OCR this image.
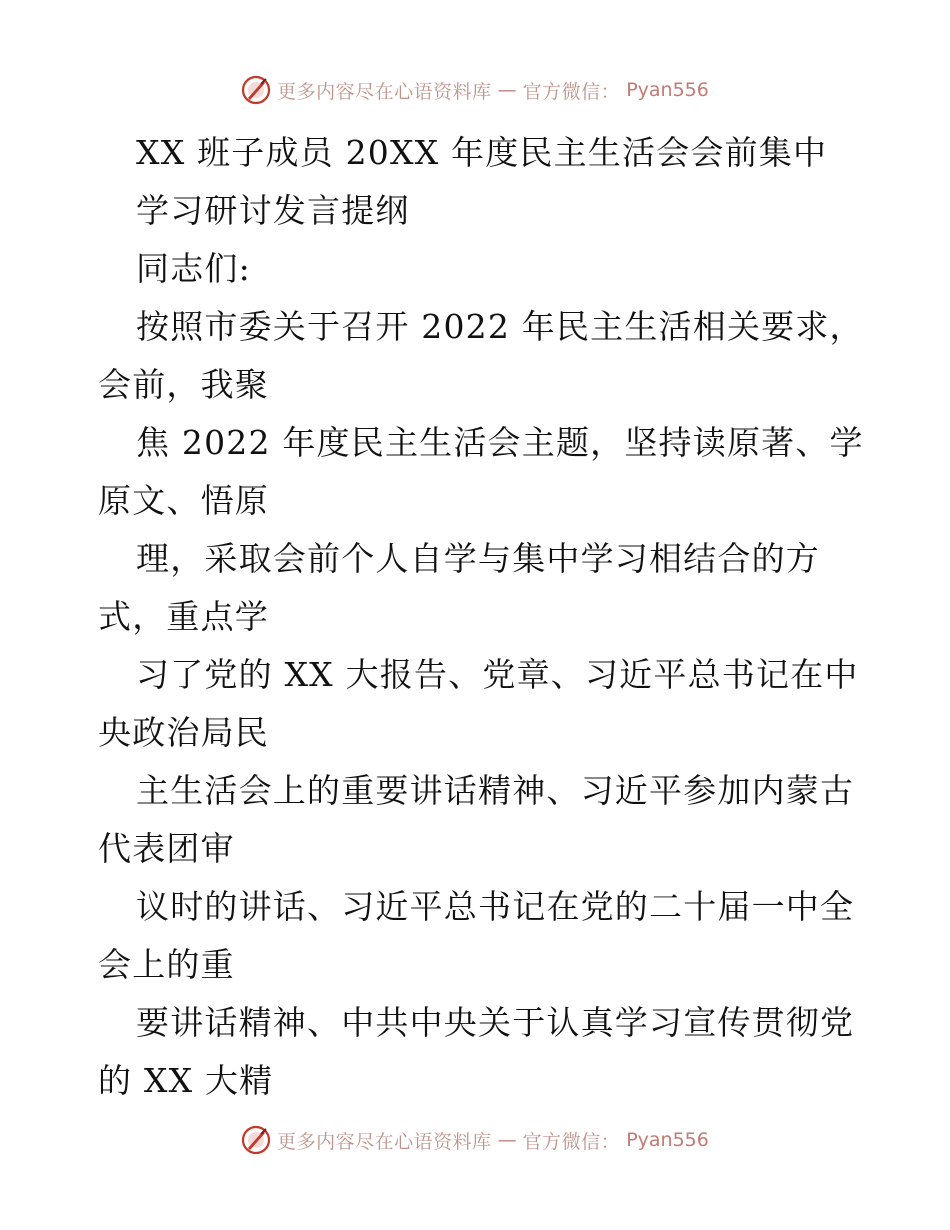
更多内容尽在心语资料库 — 官方微信： Pyan556
XX 班子成员 20XX 年度民主生活会会前集中
学习研讨发言提纲
同志们:
按照市委关于召开 2022 年民主生活相关要求，
会前，我聚
焦 2022 年度民主生活会主题，坚持读原著、学
原文、悟原
理，采取会前个人自学与集中学习相结合的方
式，重点学
习了党的 XX 大报告、党章、习近平总书记在中
央政治局民
主生活会上的重要讲话精神、习近平参加内蒙古
代表团审
议时的讲话、习近平总书记在党的二十届一中全
会上的重
要讲话精神、中共中央关于认真学习宣传贯彻党
的 XX 大精
更多内容尽在心语资料库 — 官方微信： Pyan556
